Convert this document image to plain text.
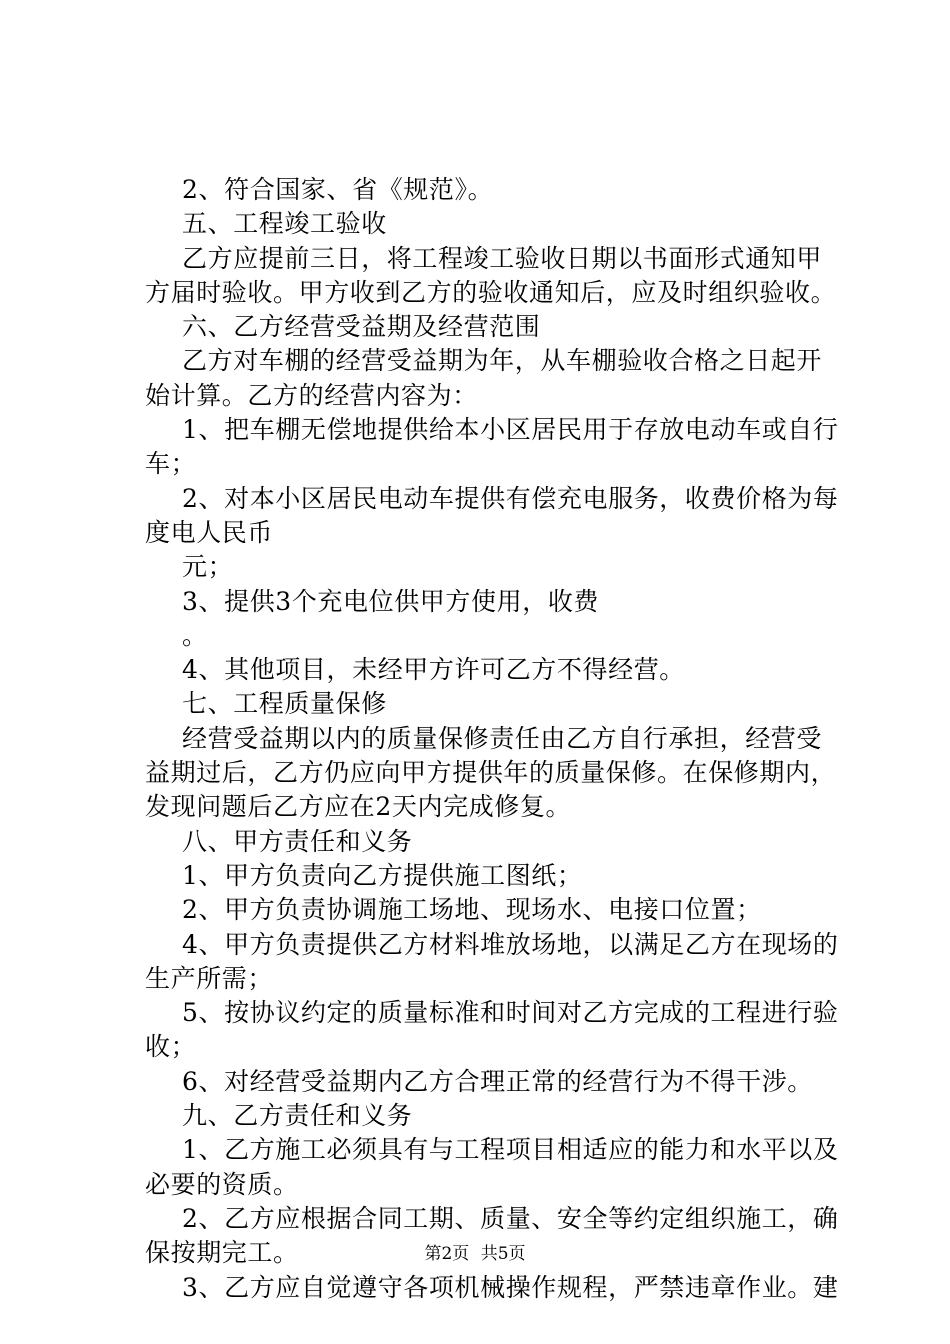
2、符合国家、省《规范》。
五、工程竣工验收
乙方应提前三日，将工程竣工验收日期以书面形式通知甲
方届时验收。甲方收到乙方的验收通知后，应及时组织验收。
六、乙方经营受益期及经营范围
乙方对车棚的经营受益期为年，从车棚验收合格之日起开
始计算。乙方的经营内容为：
1、把车棚无偿地提供给本小区居民用于存放电动车或自行
车；
2、对本小区居民电动车提供有偿充电服务，收费价格为每
度电人民币
元；
3、提供3个充电位供甲方使用，收费
。
4、其他项目，未经甲方许可乙方不得经营。
七、工程质量保修
经营受益期以内的质量保修责任由乙方自行承担，经营受
益期过后，乙方仍应向甲方提供年的质量保修。在保修期内，
发现问题后乙方应在2天内完成修复。
八、甲方责任和义务
1、甲方负责向乙方提供施工图纸；
2、甲方负责协调施工场地、现场水、电接口位置；
4、甲方负责提供乙方材料堆放场地，以满足乙方在现场的
生产所需；
5、按协议约定的质量标准和时间对乙方完成的工程进行验
收；
6、对经营受益期内乙方合理正常的经营行为不得干涉。
九、乙方责任和义务
1、乙方施工必须具有与工程项目相适应的能力和水平以及
必要的资质。
2、乙方应根据合同工期、质量、安全等约定组织施工，确
保按期完工。
3、乙方应自觉遵守各项机械操作规程，严禁违章作业。建
第2页 共5页
